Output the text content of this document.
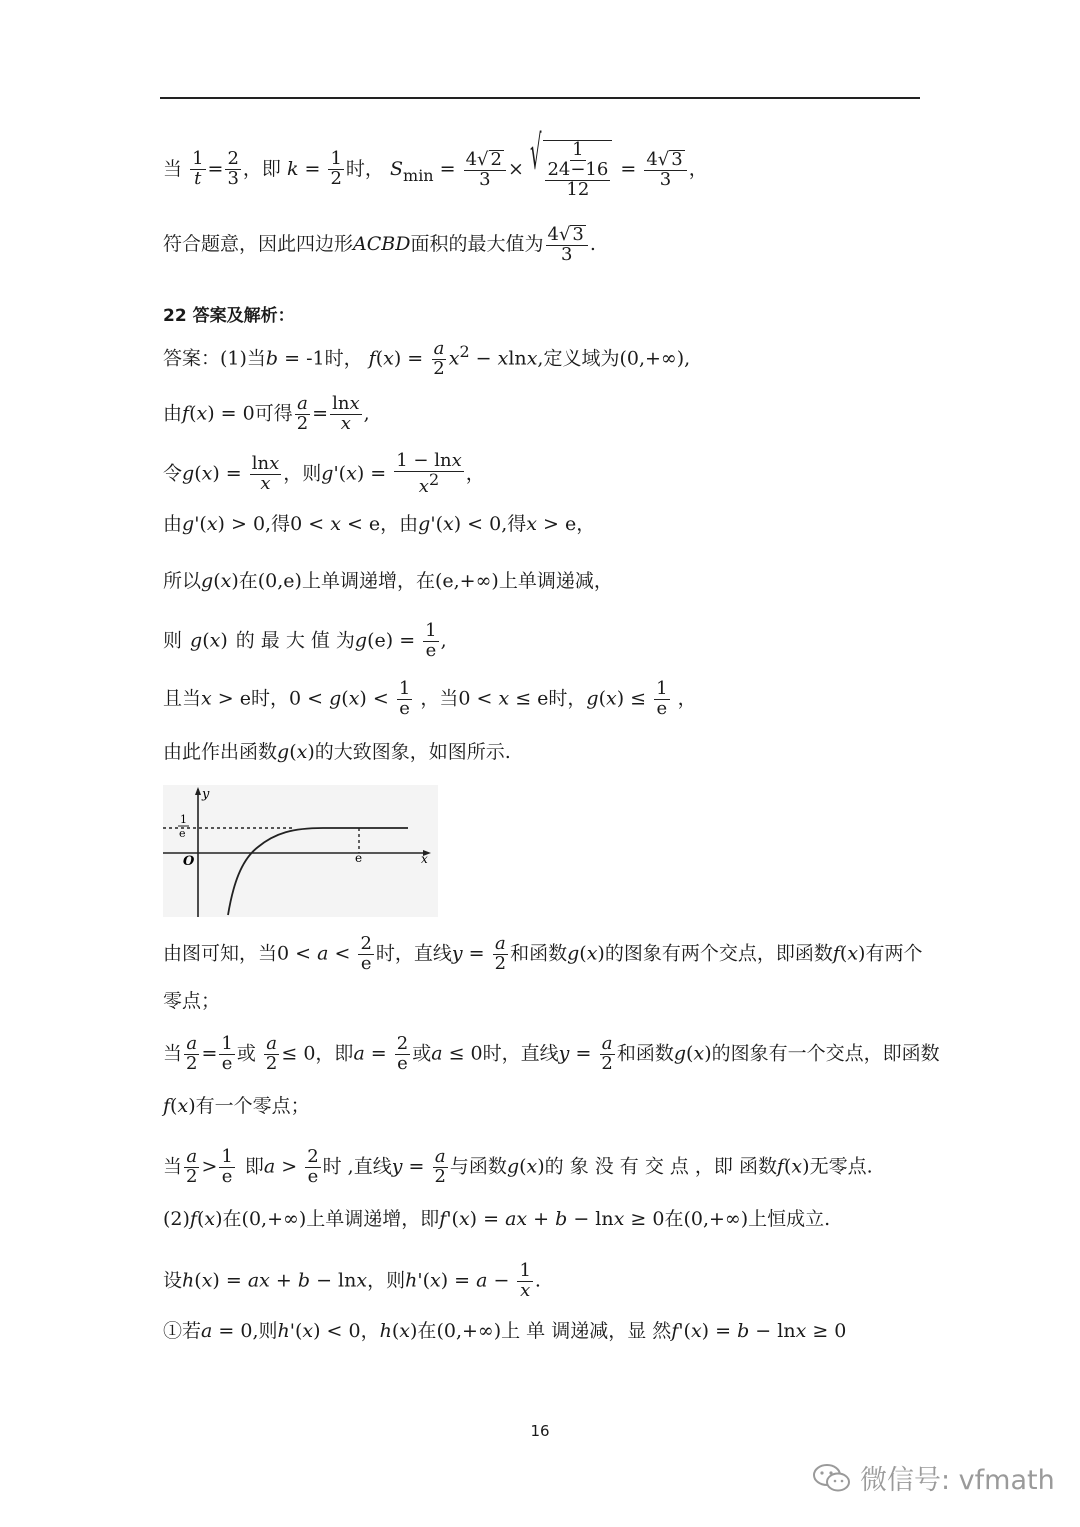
当 $\frac{1}{t} = \frac{2}{3}$ ，即 $k = \frac{1}{2}$ 时， $S_{min} = \frac{4√ 2}{3}$ × √ $\frac{1}{\frac{24-16}{12}} = \frac{4√ 3}{3}$ ，
符合题意，因此四边形ACBD面积的最大值为 $\frac{4√ 3}{3}$ .
22 答案及解析：
答案：(1)当b = -1时， $f(x) = \frac{a}{2} x^2 - xlnx$,定义域为(0,+∞),
由f(x) = 0可得 $\frac{a}{2} = \frac{\ln x}{x}$ ,
令$g(x) = \frac{\ln x}{x}$ ，则$g'(x) = \frac{1 - \ln x}{x^2}$ ，
由g'(x) > 0,得0 < x < e，由g'(x) < 0,得x > e，
所以g(x)在(0,e)上单调递增，在(e,+∞)上单调递减，
则 g(x) 的 最 大 值 为$g(e) = \frac{1}{e}$ ,
且当x > e时，$0 < g(x) < \frac{1}{e}$ ，当0 < x ≤ e时，$g(x) \le \frac{1}{e}$ ，
由此作出函数g(x)的大致图象，如图所示.
y
1
e
O	e	x
由图可知，当$0 < a < \frac{2}{e}$ 时，直线$y = \frac{a}{2}$ 和函数g(x)的图象有两个交点，即函数f(x)有两个
零点；
当 $\frac{a}{2} = \frac{1}{e}$ 或 $\frac{a}{2} \le 0$，即$a = \frac{2}{e}$ 或a ≤ 0时，直线$y = \frac{a}{2}$ 和函数g(x)的图象有一个交点，即函数
f(x)有一个零点；
当 $\frac{a}{2} > \frac{1}{e}$ 即$a > \frac{2}{e}$ 时 ,直线$y = \frac{a}{2}$ 与函数g(x)的 象 没 有 交 点 ，即 函数f(x)无零点.
(2)f(x)在(0,+∞)上单调递增，即f'(x) = ax + b − lnx ≥ 0在(0,+∞)上恒成立.
设h(x) = ax + b − lnx，则$h'(x) = a - \frac{1}{x}$ .
①若a = 0,则h'(x) < 0，h(x)在(0,+∞)上 单 调递减，显 然f'(x) = b − lnx ≥ 0
16
微信号: vfmath
